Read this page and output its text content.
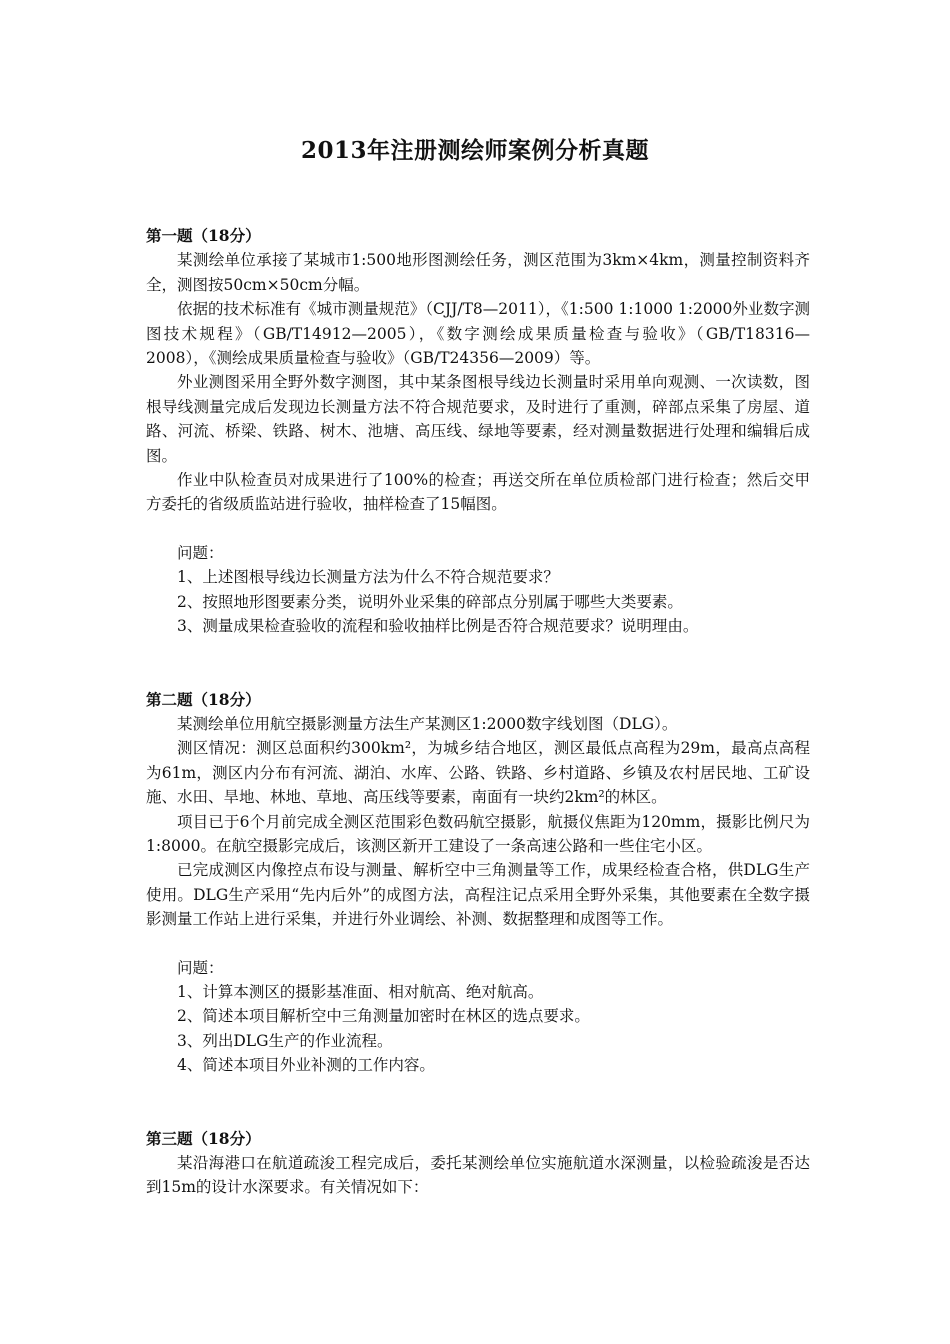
2013年注册测绘师案例分析真题

第一题（18分）

某测绘单位承接了某城市1:500地形图测绘任务，测区范围为3km×4km，测量控制资料齐全，测图按50cm×50cm分幅。

依据的技术标准有《城市测量规范》（CJJ/T8—2011），《1:500 1:1000 1:2000外业数字测图技术规程》（GB/T14912—2005），《数字测绘成果质量检查与验收》（GB/T18316—2008），《测绘成果质量检查与验收》（GB/T24356—2009）等。

外业测图采用全野外数字测图，其中某条图根导线边长测量时采用单向观测、一次读数，图根导线测量完成后发现边长测量方法不符合规范要求，及时进行了重测，碎部点采集了房屋、道路、河流、桥梁、铁路、树木、池塘、高压线、绿地等要素，经对测量数据进行处理和编辑后成图。

作业中队检查员对成果进行了100%的检查；再送交所在单位质检部门进行检查；然后交甲方委托的省级质监站进行验收，抽样检查了15幅图。

问题：

1、上述图根导线边长测量方法为什么不符合规范要求？

2、按照地形图要素分类，说明外业采集的碎部点分别属于哪些大类要素。

3、测量成果检查验收的流程和验收抽样比例是否符合规范要求？说明理由。

第二题（18分）

某测绘单位用航空摄影测量方法生产某测区1:2000数字线划图（DLG）。

测区情况：测区总面积约300km²，为城乡结合地区，测区最低点高程为29m，最高点高程为61m，测区内分布有河流、湖泊、水库、公路、铁路、乡村道路、乡镇及农村居民地、工矿设施、水田、旱地、林地、草地、高压线等要素，南面有一块约2km²的林区。

项目已于6个月前完成全测区范围彩色数码航空摄影，航摄仪焦距为120mm，摄影比例尺为1:8000。在航空摄影完成后，该测区新开工建设了一条高速公路和一些住宅小区。

已完成测区内像控点布设与测量、解析空中三角测量等工作，成果经检查合格，供DLG生产使用。DLG生产采用“先内后外”的成图方法，高程注记点采用全野外采集，其他要素在全数字摄影测量工作站上进行采集，并进行外业调绘、补测、数据整理和成图等工作。

问题：

1、计算本测区的摄影基准面、相对航高、绝对航高。

2、简述本项目解析空中三角测量加密时在林区的选点要求。

3、列出DLG生产的作业流程。

4、简述本项目外业补测的工作内容。

第三题（18分）

某沿海港口在航道疏浚工程完成后，委托某测绘单位实施航道水深测量，以检验疏浚是否达到15m的设计水深要求。有关情况如下：
